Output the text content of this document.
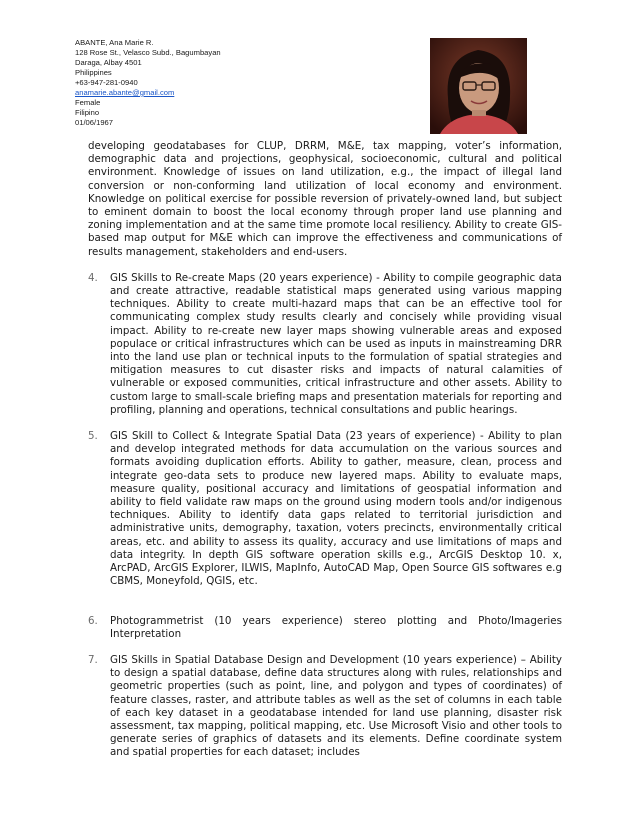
ABANTE, Ana Marie R.
128 Rose St., Velasco Subd., Bagumbayan
Daraga, Albay 4501
Philippines
+63-947-281-0940
anamarie.abante@gmail.com
Female
Filipino
01/06/1967

developing geodatabases for CLUP, DRRM, M&E, tax mapping, voter’s information, demographic data and projections, geophysical, socioeconomic, cultural and political environment. Knowledge of issues on land utilization, e.g., the impact of illegal land conversion or non-conforming land utilization of local economy and environment. Knowledge on political exercise for possible reversion of privately-owned land, but subject to eminent domain to boost the local economy through proper land use planning and zoning implementation and at the same time promote local resiliency. Ability to create GIS-based map output for M&E which can improve the effectiveness and communications of results management, stakeholders and end-users.

4. GIS Skills to Re-create Maps (20 years experience) - Ability to compile geographic data and create attractive, readable statistical maps generated using various mapping techniques. Ability to create multi-hazard maps that can be an effective tool for communicating complex study results clearly and concisely while providing visual impact. Ability to re-create new layer maps showing vulnerable areas and exposed populace or critical infrastructures which can be used as inputs in mainstreaming DRR into the land use plan or technical inputs to the formulation of spatial strategies and mitigation measures to cut disaster risks and impacts of natural calamities of vulnerable or exposed communities, critical infrastructure and other assets. Ability to custom large to small-scale briefing maps and presentation materials for reporting and profiling, planning and operations, technical consultations and public hearings.

5. GIS Skill to Collect & Integrate Spatial Data (23 years of experience) - Ability to plan and develop integrated methods for data accumulation on the various sources and formats avoiding duplication efforts. Ability to gather, measure, clean, process and integrate geo-data sets to produce new layered maps. Ability to evaluate maps, measure quality, positional accuracy and limitations of geospatial information and ability to field validate raw maps on the ground using modern tools and/or indigenous techniques. Ability to identify data gaps related to territorial jurisdiction and administrative units, demography, taxation, voters precincts, environmentally critical areas, etc. and ability to assess its quality, accuracy and use limitations of maps and data integrity. In depth GIS software operation skills e.g., ArcGIS Desktop 10. x, ArcPAD, ArcGIS Explorer, ILWIS, MapInfo, AutoCAD Map, Open Source GIS softwares e.g CBMS, Moneyfold, QGIS, etc.

6. Photogrammetrist (10 years experience) stereo plotting and Photo/Imageries Interpretation

7. GIS Skills in Spatial Database Design and Development (10 years experience) – Ability to design a spatial database, define data structures along with rules, relationships and geometric properties (such as point, line, and polygon and types of coordinates) of feature classes, raster, and attribute tables as well as the set of columns in each table of each key dataset in a geodatabase intended for land use planning, disaster risk assessment, tax mapping, political mapping, etc. Use Microsoft Visio and other tools to generate series of graphics of datasets and its elements. Define coordinate system and spatial properties for each dataset; includes
